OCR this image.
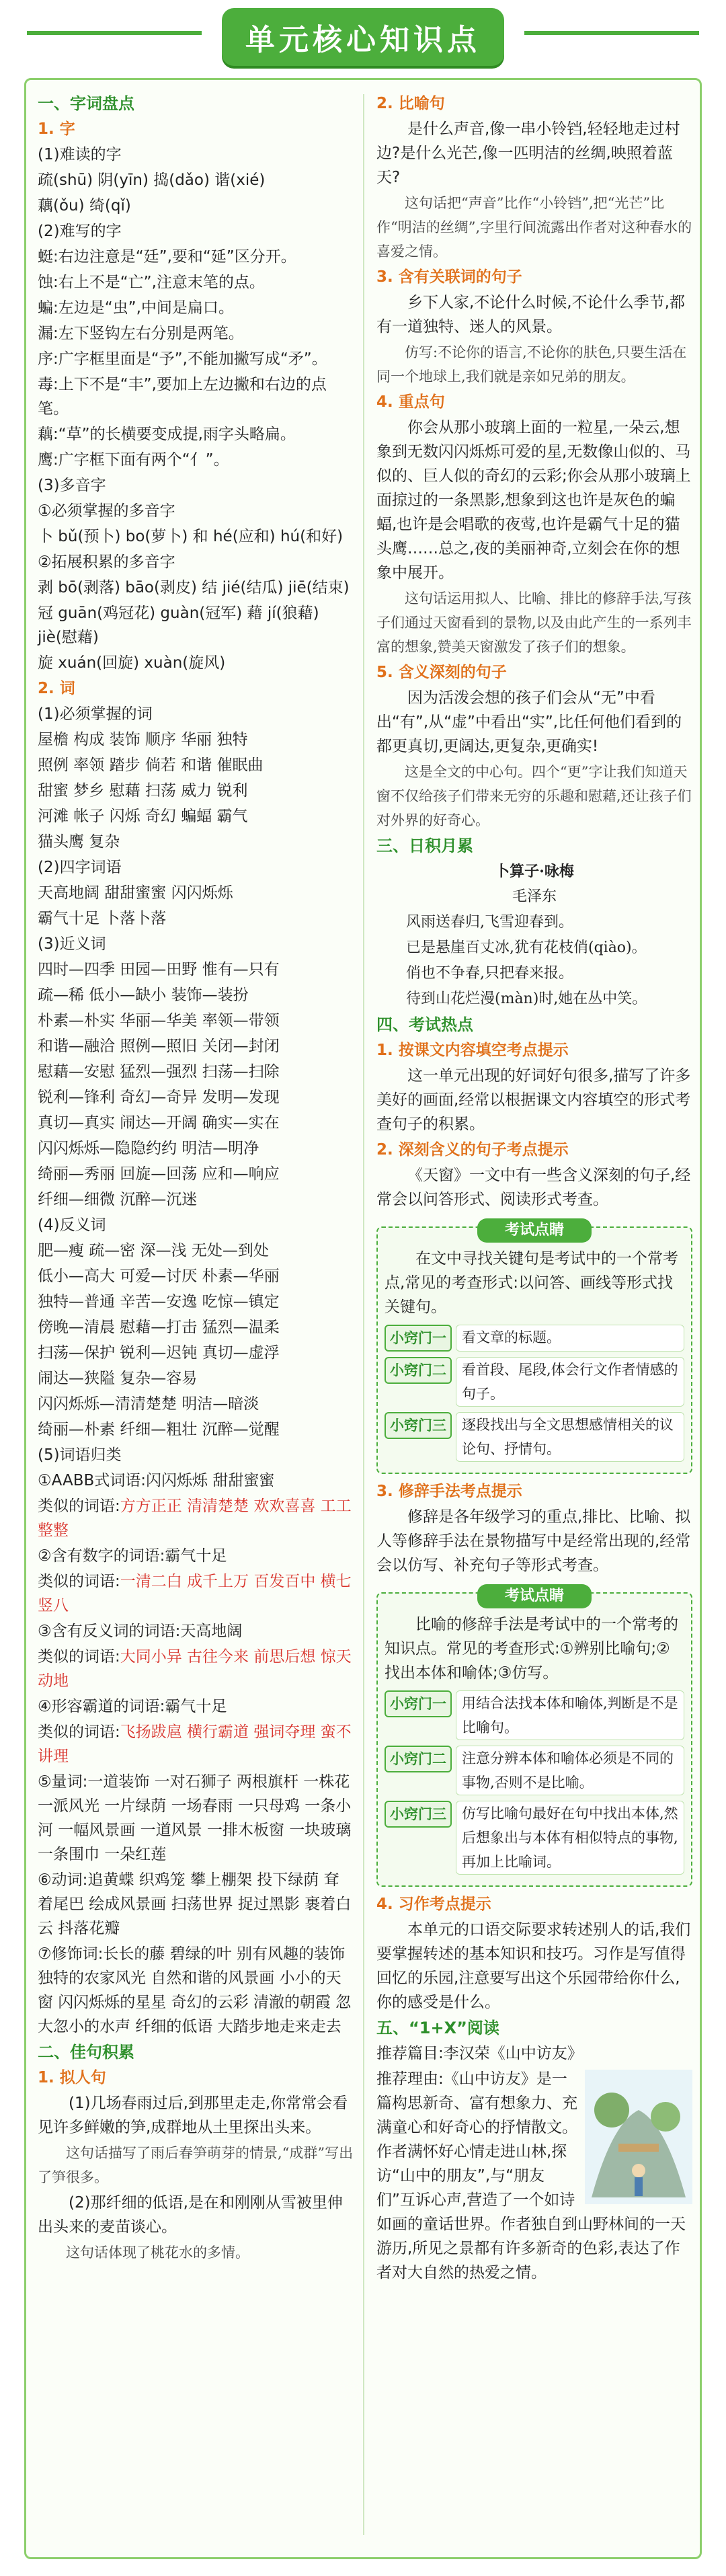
单元核心知识点

一、字词盘点

1. 字

(1)难读的字

疏(shū) 阴(yīn) 捣(dǎo) 谐(xié)

藕(ǒu) 绮(qǐ)

(2)难写的字

蜓:右边注意是“廷”,要和“延”区分开。

蚀:右上不是“亡”,注意末笔的点。

蝙:左边是“虫”,中间是扁口。

漏:左下竖钩左右分别是两笔。

序:广字框里面是“予”,不能加撇写成“矛”。

毒:上下不是“丰”,要加上左边撇和右边的点笔。

藕:“草”的长横要变成提,雨字头略扁。

鹰:广字框下面有两个“亻”。

(3)多音字

①必须掌握的多音字

卜 bǔ(预卜) bo(萝卜) 和 hé(应和) hú(和好)

②拓展积累的多音字

剥 bō(剥落) bāo(剥皮) 结 jié(结瓜) jiē(结束)

冠 guān(鸡冠花) guàn(冠军) 藉 jí(狼藉) jiè(慰藉)

旋 xuán(回旋) xuàn(旋风)

2. 词

(1)必须掌握的词

屋檐 构成 装饰 顺序 华丽 独特

照例 率领 踏步 倘若 和谐 催眠曲

甜蜜 梦乡 慰藉 扫荡 威力 锐利

河滩 帐子 闪烁 奇幻 蝙蝠 霸气

猫头鹰 复杂

(2)四字词语

天高地阔 甜甜蜜蜜 闪闪烁烁

霸气十足 卜落卜落

(3)近义词

四时—四季 田园—田野 惟有—只有

疏—稀 低小—缺小 装饰—装扮

朴素—朴实 华丽—华美 率领—带领

和谐—融洽 照例—照旧 关闭—封闭

慰藉—安慰 猛烈—强烈 扫荡—扫除

锐利—锋利 奇幻—奇异 发明—发现

真切—真实 闹达—开阔 确实—实在

闪闪烁烁—隐隐约约 明洁—明净

绮丽—秀丽 回旋—回荡 应和—响应

纤细—细微 沉醉—沉迷

(4)反义词

肥—瘦 疏—密 深—浅 无处—到处

低小—高大 可爱—讨厌 朴素—华丽

独特—普通 辛苦—安逸 吃惊—镇定

傍晚—清晨 慰藉—打击 猛烈—温柔

扫荡—保护 锐利—迟钝 真切—虚浮

闹达—狭隘 复杂—容易

闪闪烁烁—清清楚楚 明洁—暗淡

绮丽—朴素 纤细—粗壮 沉醉—觉醒

(5)词语归类

①AABB式词语:闪闪烁烁 甜甜蜜蜜

类似的词语:方方正正 清清楚楚 欢欢喜喜 工工整整

②含有数字的词语:霸气十足

类似的词语:一清二白 成千上万 百发百中 横七竖八

③含有反义词的词语:天高地阔

类似的词语:大同小异 古往今来 前思后想 惊天动地

④形容霸道的词语:霸气十足

类似的词语:飞扬跋扈 横行霸道 强词夺理 蛮不讲理

⑤量词:一道装饰 一对石狮子 两根旗杆 一株花 一派风光 一片绿荫 一场春雨 一只母鸡 一条小河 一幅风景画 一道风景 一排木板窗 一块玻璃 一条围巾 一朵红莲

⑥动词:追黄蝶 织鸡笼 攀上棚架 投下绿荫 耷着尾巴 绘成风景画 扫荡世界 捉过黑影 裹着白云 抖落花瓣

⑦修饰词:长长的藤 碧绿的叶 别有风趣的装饰 独特的农家风光 自然和谐的风景画 小小的天窗 闪闪烁烁的星星 奇幻的云彩 清澈的朝霞 忽大忽小的水声 纤细的低语 大踏步地走来走去

二、佳句积累

1. 拟人句

(1)几场春雨过后,到那里走走,你常常会看见许多鲜嫩的笋,成群地从土里探出头来。

这句话描写了雨后春笋萌芽的情景,“成群”写出了笋很多。

(2)那纤细的低语,是在和刚刚从雪被里伸出头来的麦苗谈心。

这句话体现了桃花水的多情。

2. 比喻句

是什么声音,像一串小铃铛,轻轻地走过村边?是什么光芒,像一匹明洁的丝绸,映照着蓝天?

这句话把“声音”比作“小铃铛”,把“光芒”比作“明洁的丝绸”,字里行间流露出作者对这种春水的喜爱之情。

3. 含有关联词的句子

乡下人家,不论什么时候,不论什么季节,都有一道独特、迷人的风景。

仿写:不论你的语言,不论你的肤色,只要生活在同一个地球上,我们就是亲如兄弟的朋友。

4. 重点句

你会从那小玻璃上面的一粒星,一朵云,想象到无数闪闪烁烁可爱的星,无数像山似的、马似的、巨人似的奇幻的云彩;你会从那小玻璃上面掠过的一条黑影,想象到这也许是灰色的蝙蝠,也许是会唱歌的夜莺,也许是霸气十足的猫头鹰……总之,夜的美丽神奇,立刻会在你的想象中展开。

这句话运用拟人、比喻、排比的修辞手法,写孩子们通过天窗看到的景物,以及由此产生的一系列丰富的想象,赞美天窗激发了孩子们的想象。

5. 含义深刻的句子

因为活泼会想的孩子们会从“无”中看出“有”,从“虚”中看出“实”,比任何他们看到的都更真切,更阔达,更复杂,更确实!

这是全文的中心句。四个“更”字让我们知道天窗不仅给孩子们带来无穷的乐趣和慰藉,还让孩子们对外界的好奇心。

三、日积月累

卜算子·咏梅

毛泽东

风雨送春归,飞雪迎春到。

已是悬崖百丈冰,犹有花枝俏(qiào)。

俏也不争春,只把春来报。

待到山花烂漫(màn)时,她在丛中笑。

四、考试热点

1. 按课文内容填空考点提示

这一单元出现的好词好句很多,描写了许多美好的画面,经常以根据课文内容填空的形式考查句子的积累。

2. 深刻含义的句子考点提示

《天窗》一文中有一些含义深刻的句子,经常会以问答形式、阅读形式考查。

考试点睛

在文中寻找关键句是考试中的一个常考点,常见的考查形式:以问答、画线等形式找关键句。

小窍门一	看文章的标题。
小窍门二	看首段、尾段,体会行文作者情感的句子。
小窍门三	逐段找出与全文思想感情相关的议论句、抒情句。

3. 修辞手法考点提示

修辞是各年级学习的重点,排比、比喻、拟人等修辞手法在景物描写中是经常出现的,经常会以仿写、补充句子等形式考查。

考试点睛

比喻的修辞手法是考试中的一个常考的知识点。常见的考查形式:①辨别比喻句;②找出本体和喻体;③仿写。

小窍门一	用结合法找本体和喻体,判断是不是比喻句。
小窍门二	注意分辨本体和喻体必须是不同的事物,否则不是比喻。
小窍门三	仿写比喻句最好在句中找出本体,然后想象出与本体有相似特点的事物,再加上比喻词。

4. 习作考点提示

本单元的口语交际要求转述别人的话,我们要掌握转述的基本知识和技巧。习作是写值得回忆的乐园,注意要写出这个乐园带给你什么,你的感受是什么。

五、“1+X”阅读

推荐篇目:李汉荣《山中访友》

推荐理由:《山中访友》是一篇构思新奇、富有想象力、充满童心和好奇心的抒情散文。作者满怀好心情走进山林,探访“山中的朋友”,与“朋友们”互诉心声,营造了一个如诗如画的童话世界。作者独自到山野林间的一天游历,所见之景都有许多新奇的色彩,表达了作者对大自然的热爱之情。
